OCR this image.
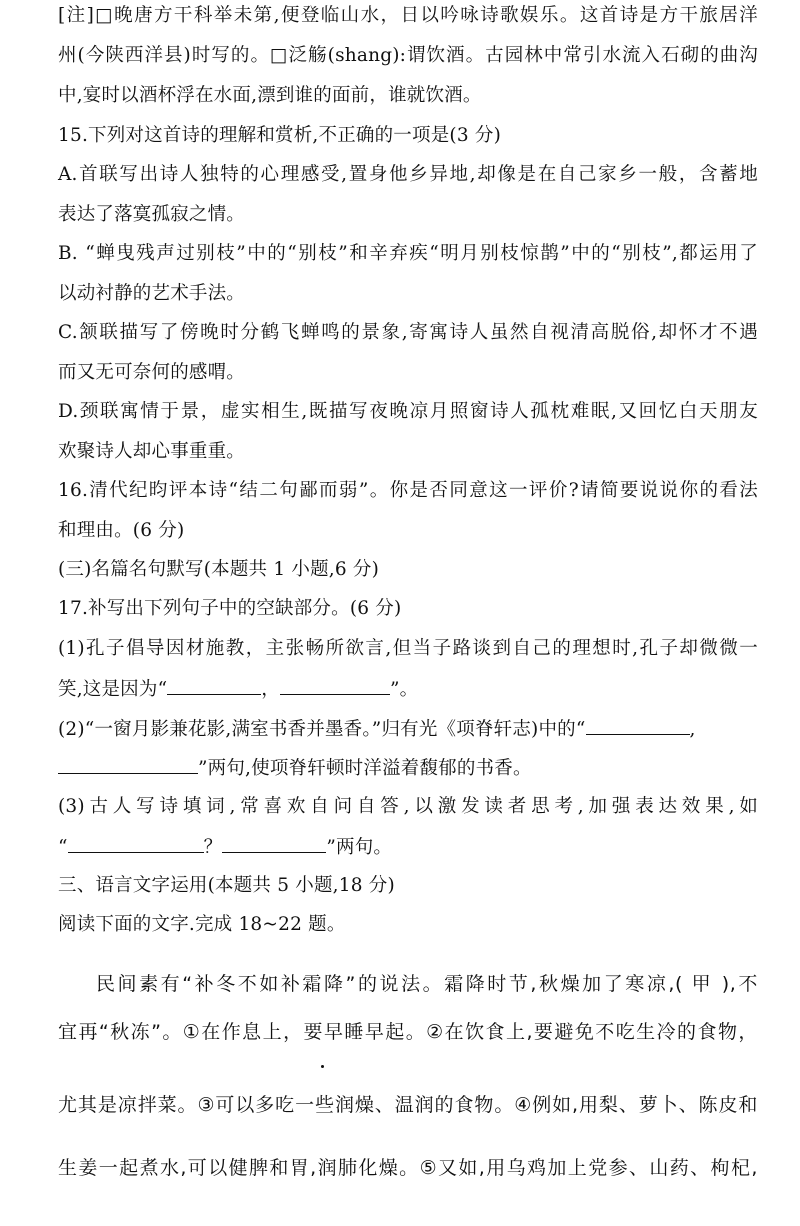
[注]□晚唐方干科举未第,便登临山水，日以吟咏诗歌娱乐。这首诗是方干旅居洋
州(今陕西洋县)时写的。□泛觞(shang):谓饮酒。古园林中常引水流入石砌的曲沟
中,宴时以酒杯浮在水面,漂到谁的面前，谁就饮酒。
15.下列对这首诗的理解和赏析,不正确的一项是(3 分)
A.首联写出诗人独特的心理感受,置身他乡异地,却像是在自己家乡一般，含蓄地
表达了落寞孤寂之情。
B. “蝉曳残声过别枝”中的“别枝”和辛弃疾“明月别枝惊鹊”中的“别枝”,都运用了
以动衬静的艺术手法。
C.颔联描写了傍晚时分鹤飞蝉鸣的景象,寄寓诗人虽然自视清高脱俗,却怀才不遇
而又无可奈何的感喟。
D.颈联寓情于景，虚实相生,既描写夜晚凉月照窗诗人孤枕难眠,又回忆白天朋友
欢聚诗人却心事重重。
16.清代纪昀评本诗“结二句鄙而弱”。你是否同意这一评价?请简要说说你的看法
和理由。(6 分)
(三)名篇名句默写(本题共 1 小题,6 分)
17.补写出下列句子中的空缺部分。(6 分)
(1)孔子倡导因材施教，主张畅所欲言,但当子路谈到自己的理想时,孔子却微微一
笑,这是因为“	，	”。
(2)“一窗月影兼花影,满室书香并墨香。”归有光《项脊轩志)中的“	,
”两句,使项脊轩顿时洋溢着馥郁的书香。
(3)古人写诗填词,常喜欢自问自答,以激发读者思考,加强表达效果,如
“	？	”两句。
三、语言文字运用(本题共 5 小题,18 分)
阅读下面的文字.完成 18~22 题。
民间素有“补冬不如补霜降”的说法。霜降时节,秋燥加了寒凉,( 甲 ),不
宜再“秋冻”。①在作息上，要早睡早起。②在饮食上,要避免不吃生冷的食物，
尤其是凉拌菜。③可以多吃一些润燥、温润的食物。④例如,用梨、萝卜、陈皮和
生姜一起煮水,可以健脾和胃,润肺化燥。⑤又如,用乌鸡加上党参、山药、枸杞,
